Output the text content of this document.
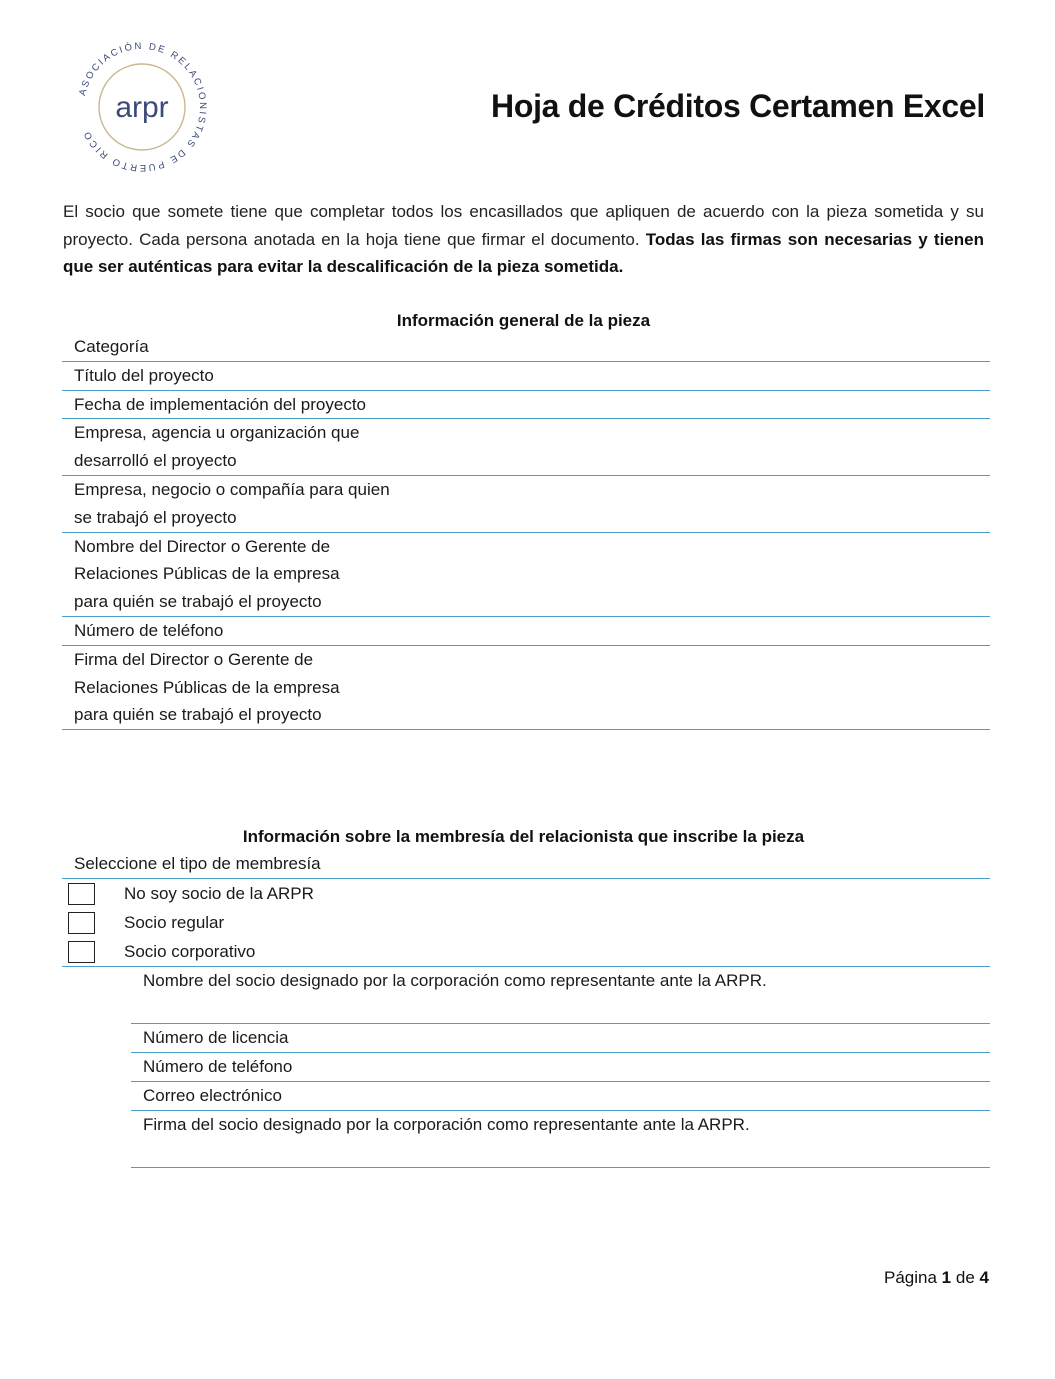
ASOCIACIÓN DE RELACIONISTAS DE PUERTO RICO
arpr	Hoja de Créditos Certamen Excel

El socio que somete tiene que completar todos los encasillados que apliquen de acuerdo con la pieza sometida y su proyecto. Cada persona anotada en la hoja tiene que firmar el documento. Todas las firmas son necesarias y tienen que ser auténticas para evitar la descalificación de la pieza sometida.

Información general de la pieza
Categoría
Título del proyecto
Fecha de implementación del proyecto
Empresa, agencia u organización que desarrolló el proyecto
Empresa, negocio o compañía para quien se trabajó el proyecto
Nombre del Director o Gerente de Relaciones Públicas de la empresa para quién se trabajó el proyecto
Número de teléfono
Firma del Director o Gerente de Relaciones Públicas de la empresa para quién se trabajó el proyecto
Información sobre la membresía del relacionista que inscribe la pieza
Seleccione el tipo de membresía
No soy socio de la ARPR
Socio regular
Socio corporativo
Nombre del socio designado por la corporación como representante ante la ARPR.
Número de licencia
Número de teléfono
Correo electrónico
Firma del socio designado por la corporación como representante ante la ARPR.
Página 1 de 4
